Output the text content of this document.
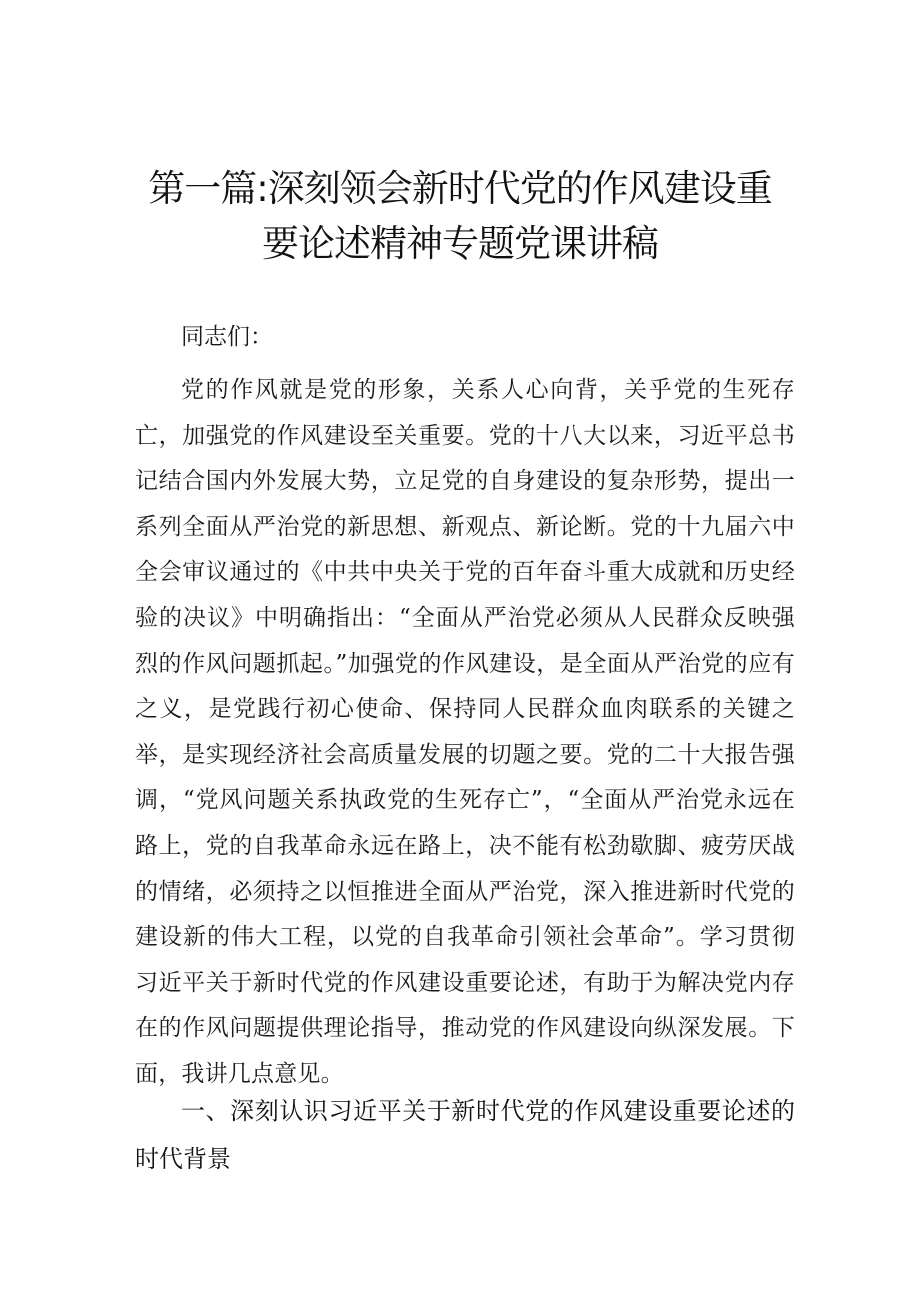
第一篇:深刻领会新时代党的作风建设重
要论述精神专题党课讲稿
同志们：
党的作风就是党的形象，关系人心向背，关乎党的生死存亡，加强党的作风建设至关重要。党的十八大以来，习近平总书记结合国内外发展大势，立足党的自身建设的复杂形势，提出一系列全面从严治党的新思想、新观点、新论断。党的十九届六中全会审议通过的《中共中央关于党的百年奋斗重大成就和历史经验的决议》中明确指出：“全面从严治党必须从人民群众反映强烈的作风问题抓起。”加强党的作风建设，是全面从严治党的应有之义，是党践行初心使命、保持同人民群众血肉联系的关键之举，是实现经济社会高质量发展的切题之要。党的二十大报告强调，“党风问题关系执政党的生死存亡”，“全面从严治党永远在路上，党的自我革命永远在路上，决不能有松劲歇脚、疲劳厌战的情绪，必须持之以恒推进全面从严治党，深入推进新时代党的建设新的伟大工程，以党的自我革命引领社会革命”。学习贯彻习近平关于新时代党的作风建设重要论述，有助于为解决党内存在的作风问题提供理论指导，推动党的作风建设向纵深发展。下面，我讲几点意见。
一、深刻认识习近平关于新时代党的作风建设重要论述的时代背景
